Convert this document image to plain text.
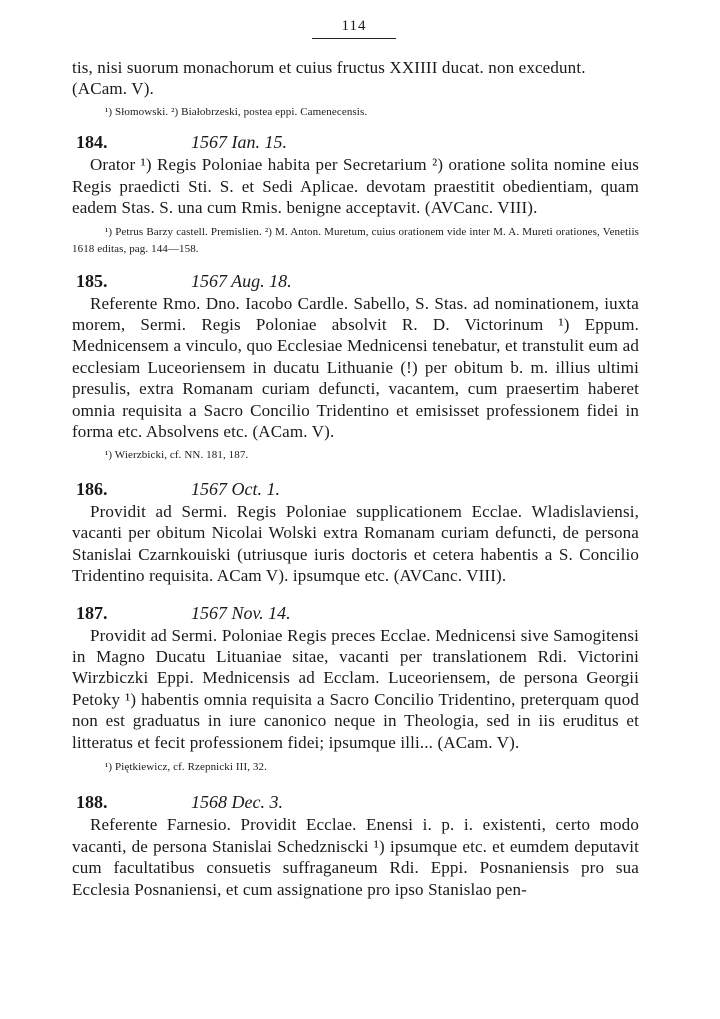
114

tis, nisi suorum monachorum et cuius fructus XXIIII ducat. non excedunt.
(ACam. V).

¹) Słomowski. ²) Białobrzeski, postea eppi. Camenecensis.

184.	1567 Ian. 15.

Orator ¹) Regis Poloniae habita per Secretarium ²) oratione solita nomine eius Regis praedicti Sti. S. et Sedi Aplicae. devotam praestitit obedientiam, quam eadem Stas. S. una cum Rmis. benigne acceptavit. (AVCanc. VIII).

¹) Petrus Barzy castell. Premislien. ²) M. Anton. Muretum, cuius orationem vide inter M. A. Mureti orationes, Venetiis 1618 editas, pag. 144—158.

185.	1567 Aug. 18.

Referente Rmo. Dno. Iacobo Cardle. Sabello, S. Stas. ad nominationem, iuxta morem, Sermi. Regis Poloniae absolvit R. D. Victorinum ¹) Eppum. Mednicensem a vinculo, quo Ecclesiae Mednicensi tenebatur, et transtulit eum ad ecclesiam Luceoriensem in ducatu Lithuanie (!) per obitum b. m. illius ultimi presulis, extra Romanam curiam defuncti, vacantem, cum praesertim haberet omnia requisita a Sacro Concilio Tridentino et emisisset professionem fidei in forma etc. Absolvens etc. (ACam. V).

¹) Wierzbicki, cf. NN. 181, 187.

186.	1567 Oct. 1.

Providit ad Sermi. Regis Poloniae supplicationem Ecclae. Wladislaviensi, vacanti per obitum Nicolai Wolski extra Romanam curiam defuncti, de persona Stanislai Czarnkouiski (utriusque iuris doctoris et cetera habentis a S. Concilio Tridentino requisita. ACam V). ipsumque etc. (AVCanc. VIII).

187.	1567 Nov. 14.

Providit ad Sermi. Poloniae Regis preces Ecclae. Mednicensi sive Samogitensi in Magno Ducatu Lituaniae sitae, vacanti per translationem Rdi. Victorini Wirzbiczki Eppi. Mednicensis ad Ecclam. Luceoriensem, de persona Georgii Petoky ¹) habentis omnia requisita a Sacro Concilio Tridentino, preterquam quod non est graduatus in iure canonico neque in Theologia, sed in iis eruditus et litteratus et fecit professionem fidei; ipsumque illi... (ACam. V).

¹) Piętkiewicz, cf. Rzepnicki III, 32.

188.	1568 Dec. 3.

Referente Farnesio. Providit Ecclae. Enensi i. p. i. existenti, certo modo vacanti, de persona Stanislai Schedzniscki ¹) ipsumque etc. et eumdem deputavit cum facultatibus consuetis suffraganeum Rdi. Eppi. Posnaniensis pro sua Ecclesia Posnaniensi, et cum assignatione pro ipso Stanislao pen-
